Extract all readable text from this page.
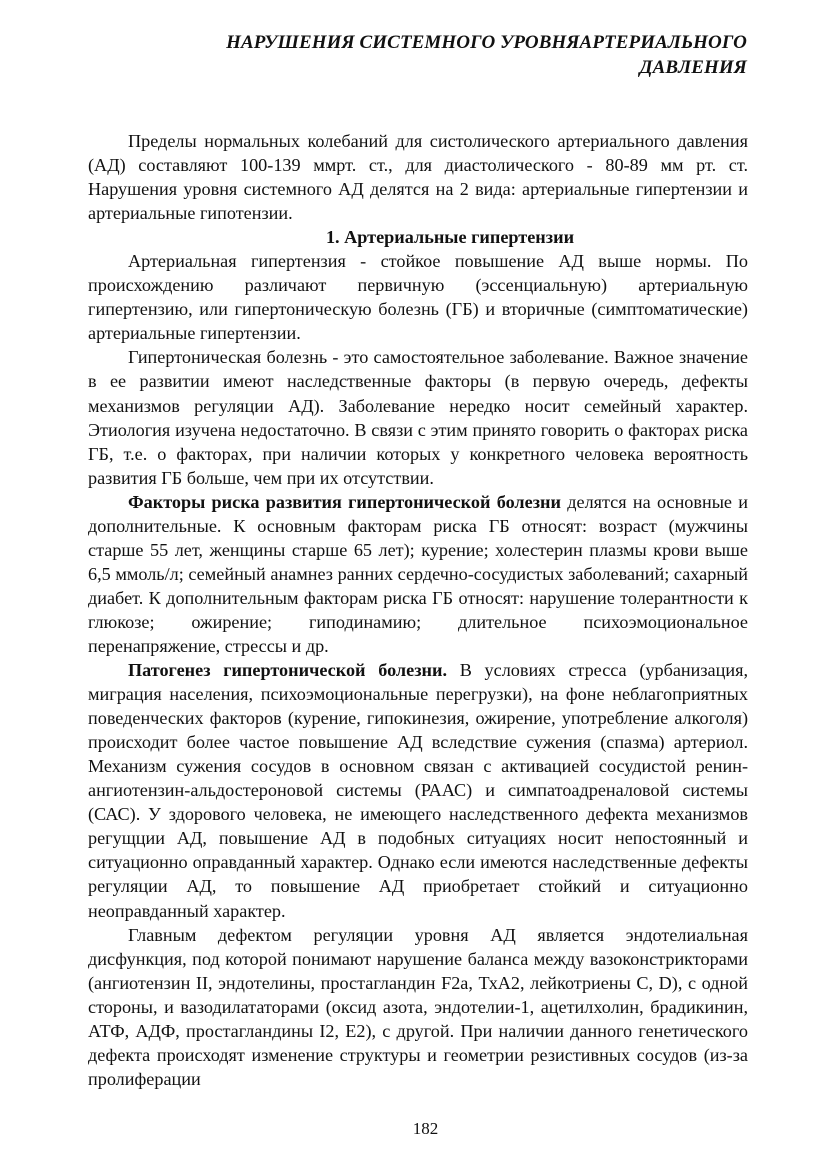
НАРУШЕНИЯ СИСТЕМНОГО УРОВНЯАРТЕРИАЛЬНОГО
ДАВЛЕНИЯ

Пределы нормальных колебаний для систолического артериального давления (АД) составляют 100-139 ммрт. ст., для диастолического - 80-89 мм рт. ст. Нарушения уровня системного АД делятся на 2 вида: артериальные гипертензии и артериальные гипотензии.

1. Артериальные гипертензии

Артериальная гипертензия - стойкое повышение АД выше нормы. По происхождению различают первичную (эссенциальную) артериальную гипертензию, или гипертоническую болезнь (ГБ) и вторичные (симптоматические) артериальные гипертензии.

Гипертоническая болезнь - это самостоятельное заболевание. Важное значение в ее развитии имеют наследственные факторы (в первую очередь, дефекты механизмов регуляции АД). Заболевание нередко носит семейный характер. Этиология изучена недостаточно. В связи с этим принято говорить о факторах риска ГБ, т.е. о факторах, при наличии которых у конкретного человека вероятность развития ГБ больше, чем при их отсутствии.

Факторы риска развития гипертонической болезни делятся на основные и дополнительные. К основным факторам риска ГБ относят: возраст (мужчины старше 55 лет, женщины старше 65 лет); курение; холестерин плазмы крови выше 6,5 ммоль/л; семейный анамнез ранних сердечно-сосудистых заболеваний; сахарный диабет. К дополнительным факторам риска ГБ относят: нарушение толерантности к глюкозе; ожирение; гиподинамию; длительное психоэмоциональное перенапряжение, стрессы и др.

Патогенез гипертонической болезни. В условиях стресса (урбанизация, миграция населения, психоэмоциональные перегрузки), на фоне неблагоприятных поведенческих факторов (курение, гипокинезия, ожирение, употребление алкоголя) происходит более частое повышение АД вследствие сужения (спазма) артериол. Механизм сужения сосудов в основном связан с активацией сосудистой ренин-ангиотензин-альдостероновой системы (РААС) и симпатоадреналовой системы (САС). У здорового человека, не имеющего наследственного дефекта механизмов регущции АД, повышение АД в подобных ситуациях носит непостоянный и ситуационно оправданный характер. Однако если имеются наследственные дефекты регуляции АД, то повышение АД приобретает стойкий и ситуационно неоправданный характер.

Главным дефектом регуляции уровня АД является эндотелиальная дисфункция, под которой понимают нарушение баланса между вазоконстрикторами (ангиотензин II, эндотелины, простагландин F2a, ТхА2, лейкотриены С, D), с одной стороны, и вазодилататорами (оксид азота, эндотелии-1, ацетилхолин, брадикинин, АТФ, АДФ, простагландины I2, E2), с другой. При наличии данного генетического дефекта происходят изменение структуры и геометрии резистивных сосудов (из-за пролиферации

182
